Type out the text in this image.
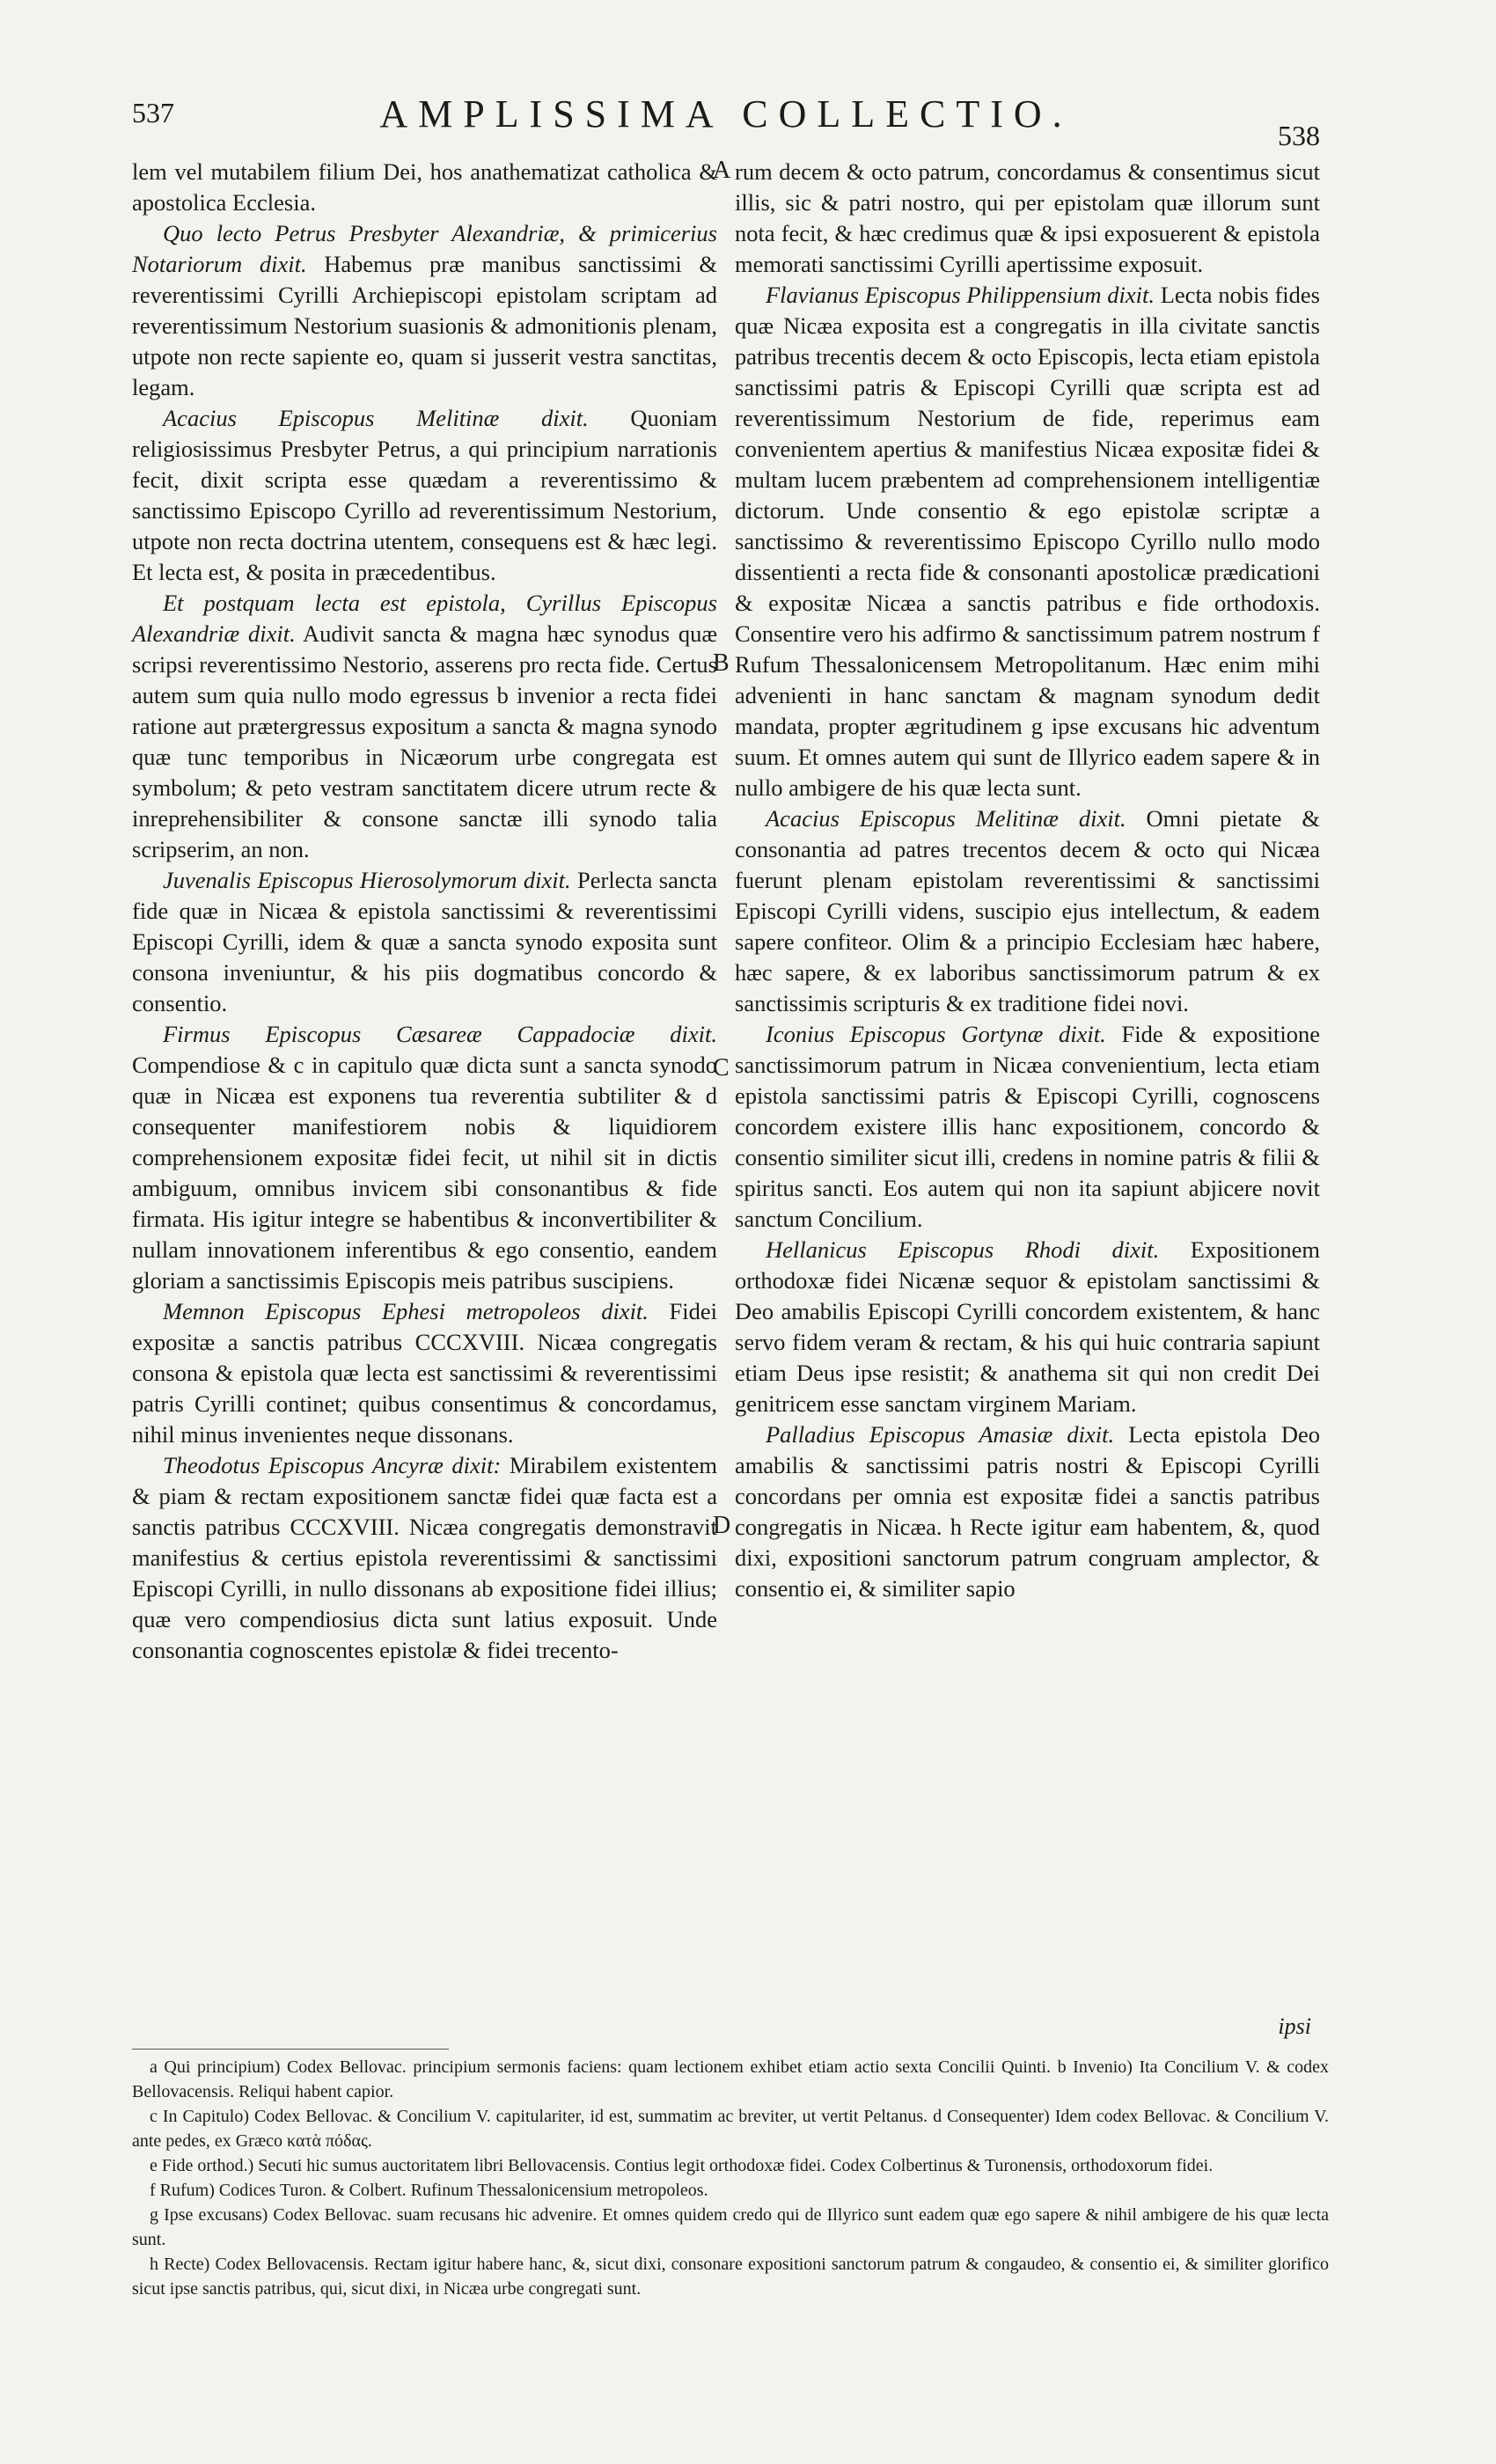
537	AMPLISSIMA COLLECTIO.	538

lem vel mutabilem filium Dei, hos anathematizat catholica & apostolica Ecclesia.

Quo lecto Petrus Presbyter Alexandriæ, & primicerius Notariorum dixit. Habemus præ manibus sanctissimi & reverentissimi Cyrilli Archiepiscopi epistolam scriptam ad reverentissimum Nestorium suasionis & admonitionis plenam, utpote non recte sapiente eo, quam si jusserit vestra sanctitas, legam.

Acacius Episcopus Melitinæ dixit. Quoniam religiosissimus Presbyter Petrus, a qui principium narrationis fecit, dixit scripta esse quædam a reverentissimo & sanctissimo Episcopo Cyrillo ad reverentissimum Nestorium, utpote non recta doctrina utentem, consequens est & hæc legi. Et lecta est, & posita in præcedentibus.

Et postquam lecta est epistola, Cyrillus Episcopus Alexandriæ dixit. Audivit sancta & magna hæc synodus quæ scripsi reverentissimo Nestorio, asserens pro recta fide. Certus autem sum quia nullo modo egressus b invenior a recta fidei ratione aut prætergressus expositum a sancta & magna synodo quæ tunc temporibus in Nicæorum urbe congregata est symbolum; & peto vestram sanctitatem dicere utrum recte & inreprehensibiliter & consone sanctæ illi synodo talia scripserim, an non.

Juvenalis Episcopus Hierosolymorum dixit. Perlecta sancta fide quæ in Nicæa & epistola sanctissimi & reverentissimi Episcopi Cyrilli, idem & quæ a sancta synodo exposita sunt consona inveniuntur, & his piis dogmatibus concordo & consentio.

Firmus Episcopus Cæsareæ Cappadociæ dixit. Compendiose & c in capitulo quæ dicta sunt a sancta synodo quæ in Nicæa est exponens tua reverentia subtiliter & d consequenter manifestiorem nobis & liquidiorem comprehensionem expositæ fidei fecit, ut nihil sit in dictis ambiguum, omnibus invicem sibi consonantibus & fide firmata. His igitur integre se habentibus & inconvertibiliter & nullam innovationem inferentibus & ego consentio, eandem gloriam a sanctissimis Episcopis meis patribus suscipiens.

Memnon Episcopus Ephesi metropoleos dixit. Fidei expositæ a sanctis patribus CCCXVIII. Nicæa congregatis consona & epistola quæ lecta est sanctissimi & reverentissimi patris Cyrilli continet; quibus consentimus & concordamus, nihil minus invenientes neque dissonans.

Theodotus Episcopus Ancyræ dixit: Mirabilem existentem & piam & rectam expositionem sanctæ fidei quæ facta est a sanctis patribus CCCXVIII. Nicæa congregatis demonstravit manifestius & certius epistola reverentissimi & sanctissimi Episcopi Cyrilli, in nullo dissonans ab expositione fidei illius; quæ vero compendiosius dicta sunt latius exposuit. Unde consonantia cognoscentes epistolæ & fidei trecento-

rum decem & octo patrum, concordamus & consentimus sicut illis, sic & patri nostro, qui per epistolam quæ illorum sunt nota fecit, & hæc credimus quæ & ipsi exposuerent & epistola memorati sanctissimi Cyrilli apertissime exposuit.

Flavianus Episcopus Philippensium dixit. Lecta nobis fides quæ Nicæa exposita est a congregatis in illa civitate sanctis patribus trecentis decem & octo Episcopis, lecta etiam epistola sanctissimi patris & Episcopi Cyrilli quæ scripta est ad reverentissimum Nestorium de fide, reperimus eam convenientem apertius & manifestius Nicæa expositæ fidei & multam lucem præbentem ad comprehensionem intelligentiæ dictorum. Unde consentio & ego epistolæ scriptæ a sanctissimo & reverentissimo Episcopo Cyrillo nullo modo dissentienti a recta fide & consonanti apostolicæ prædicationi & expositæ Nicæa a sanctis patribus e fide orthodoxis. Consentire vero his adfirmo & sanctissimum patrem nostrum f Rufum Thessalonicensem Metropolitanum. Hæc enim mihi advenienti in hanc sanctam & magnam synodum dedit mandata, propter ægritudinem g ipse excusans hic adventum suum. Et omnes autem qui sunt de Illyrico eadem sapere & in nullo ambigere de his quæ lecta sunt.

Acacius Episcopus Melitinæ dixit. Omni pietate & consonantia ad patres trecentos decem & octo qui Nicæa fuerunt plenam epistolam reverentissimi & sanctissimi Episcopi Cyrilli videns, suscipio ejus intellectum, & eadem sapere confiteor. Olim & a principio Ecclesiam hæc habere, hæc sapere, & ex laboribus sanctissimorum patrum & ex sanctissimis scripturis & ex traditione fidei novi.

Iconius Episcopus Gortynæ dixit. Fide & expositione sanctissimorum patrum in Nicæa convenientium, lecta etiam epistola sanctissimi patris & Episcopi Cyrilli, cognoscens concordem existere illis hanc expositionem, concordo & consentio similiter sicut illi, credens in nomine patris & filii & spiritus sancti. Eos autem qui non ita sapiunt abjicere novit sanctum Concilium.

Hellanicus Episcopus Rhodi dixit. Expositionem orthodoxæ fidei Nicænæ sequor & epistolam sanctissimi & Deo amabilis Episcopi Cyrilli concordem existentem, & hanc servo fidem veram & rectam, & his qui huic contraria sapiunt etiam Deus ipse resistit; & anathema sit qui non credit Dei genitricem esse sanctam virginem Mariam.

Palladius Episcopus Amasiæ dixit. Lecta epistola Deo amabilis & sanctissimi patris nostri & Episcopi Cyrilli concordans per omnia est expositæ fidei a sanctis patribus congregatis in Nicæa. h Recte igitur eam habentem, &, quod dixi, expositioni sanctorum patrum congruam amplector, & consentio ei, & similiter sapio

A
B
C
D
ipsi
a Qui principium) Codex Bellovac. principium sermonis faciens: quam lectionem exhibet etiam actio sexta Concilii Quinti. b Invenio) Ita Concilium V. & codex Bellovacensis. Reliqui habent capior.
c In Capitulo) Codex Bellovac. & Concilium V. capitulariter, id est, summatim ac breviter, ut vertit Peltanus. d Consequenter) Idem codex Bellovac. & Concilium V. ante pedes, ex Græco κατὰ πόδας.
e Fide orthod.) Secuti hic sumus auctoritatem libri Bellovacensis. Contius legit orthodoxæ fidei. Codex Colbertinus & Turonensis, orthodoxorum fidei.
f Rufum) Codices Turon. & Colbert. Rufinum Thessalonicensium metropoleos.
g Ipse excusans) Codex Bellovac. suam recusans hic advenire. Et omnes quidem credo qui de Illyrico sunt eadem quæ ego sapere & nihil ambigere de his quæ lecta sunt.
h Recte) Codex Bellovacensis. Rectam igitur habere hanc, &, sicut dixi, consonare expositioni sanctorum patrum & congaudeo, & consentio ei, & similiter glorifico sicut ipse sanctis patribus, qui, sicut dixi, in Nicæa urbe congregati sunt.
